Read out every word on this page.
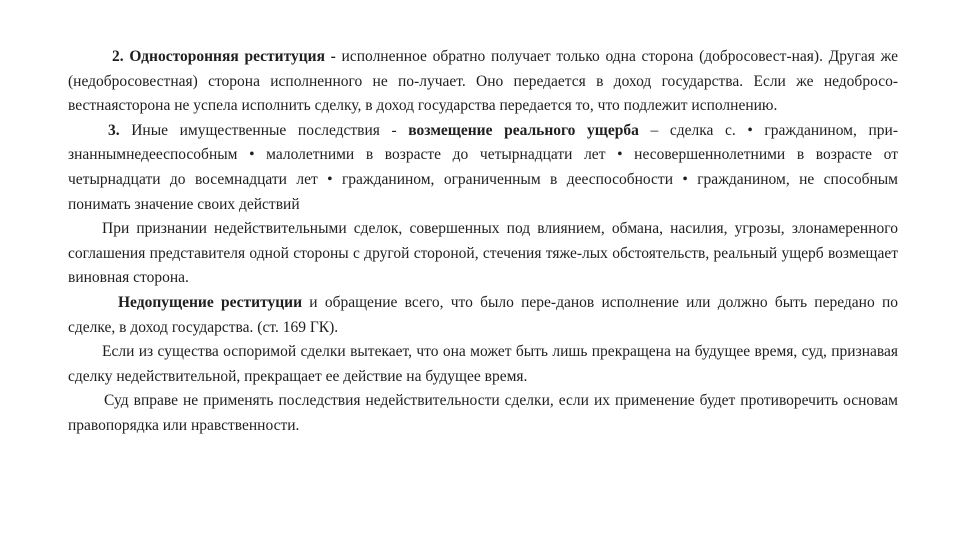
2. Односторонняя реституция - исполненное обратно получает только одна сторона (добросовест-ная). Другая же (недобросовестная) сторона исполненного не по-лучает. Оно передается в доход государства. Если же недобросо-вестнаясторона не успела исполнить сделку, в доход государства передается то, что подлежит исполнению.

3. Иные имущественные последствия - возмещение реального ущерба – сделка с. • гражданином, при-знаннымнедееспособным • малолетними в возрасте до четырнадцати лет • несовершеннолетними в возрасте от четырнадцати до восемнадцати лет • гражданином, ограниченным в дееспособности • гражданином, не способным понимать значение своих действий

При признании недействительными сделок, совершенных под влиянием, обмана, насилия, угрозы, злонамеренного соглашения представителя одной стороны с другой стороной, стечения тяже-лых обстоятельств, реальный ущерб возмещает виновная сторона.

Недопущение реституции и обращение всего, что было пере-данов исполнение или должно быть передано по сделке, в доход государства. (ст. 169 ГК).

Если из существа оспоримой сделки вытекает, что она может быть лишь прекращена на будущее время, суд, признавая сделку недействительной, прекращает ее действие на будущее время.

Суд вправе не применять последствия недействительности сделки, если их применение будет противоречить основам правопорядка или нравственности.
